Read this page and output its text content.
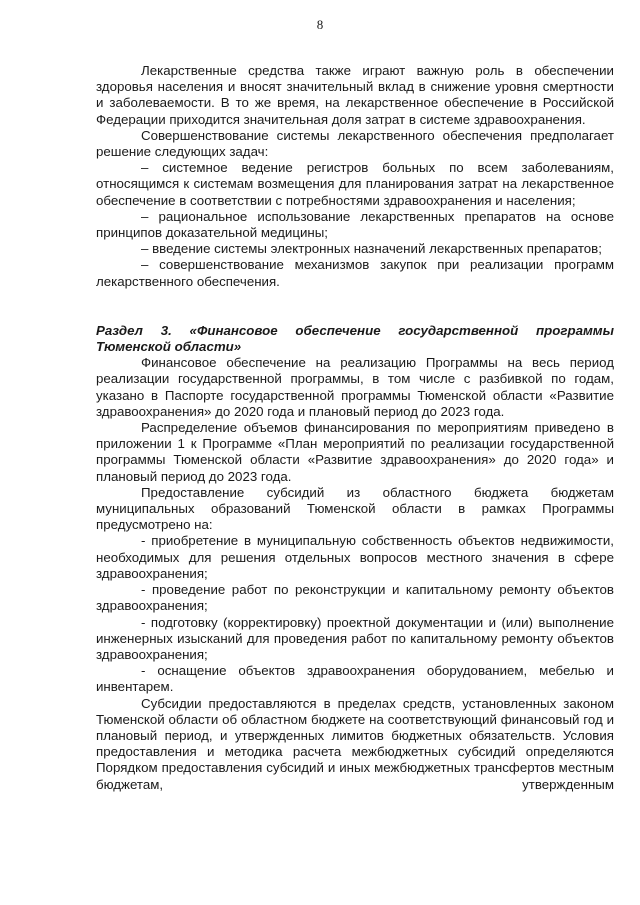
8

Лекарственные средства также играют важную роль в обеспечении здоровья населения и вносят значительный вклад в снижение уровня смертности и заболеваемости. В то же время, на лекарственное обеспечение в Российской Федерации приходится значительная доля затрат в системе здравоохранения.

Совершенствование системы лекарственного обеспечения предполагает решение следующих задач:

– системное ведение регистров больных по всем заболеваниям, относящимся к системам возмещения для планирования затрат на лекарственное обеспечение в соответствии с потребностями здравоохранения и населения;

– рациональное использование лекарственных препаратов на основе принципов доказательной медицины;

– введение системы электронных назначений лекарственных препаратов;

– совершенствование механизмов закупок при реализации программ лекарственного обеспечения.

Раздел 3. «Финансовое обеспечение государственной программы Тюменской области»

Финансовое обеспечение на реализацию Программы на весь период реализации государственной программы, в том числе с разбивкой по годам, указано в Паспорте государственной программы Тюменской области «Развитие здравоохранения» до 2020 года и плановый период до 2023 года.

Распределение объемов финансирования по мероприятиям приведено в приложении 1 к Программе «План мероприятий по реализации государственной программы Тюменской области «Развитие здравоохранения» до 2020 года» и плановый период до 2023 года.

Предоставление субсидий из областного бюджета бюджетам муниципальных образований Тюменской области в рамках Программы предусмотрено на:

- приобретение в муниципальную собственность объектов недвижимости, необходимых для решения отдельных вопросов местного значения в сфере здравоохранения;

- проведение работ по реконструкции и капитальному ремонту объектов здравоохранения;

- подготовку (корректировку) проектной документации и (или) выполнение инженерных изысканий для проведения работ по капитальному ремонту объектов здравоохранения;

- оснащение объектов здравоохранения оборудованием, мебелью и инвентарем.

Субсидии предоставляются в пределах средств, установленных законом Тюменской области об областном бюджете на соответствующий финансовый год и плановый период, и утвержденных лимитов бюджетных обязательств. Условия предоставления и методика расчета межбюджетных субсидий определяются Порядком предоставления субсидий и иных межбюджетных трансфертов местным бюджетам, утвержденным
